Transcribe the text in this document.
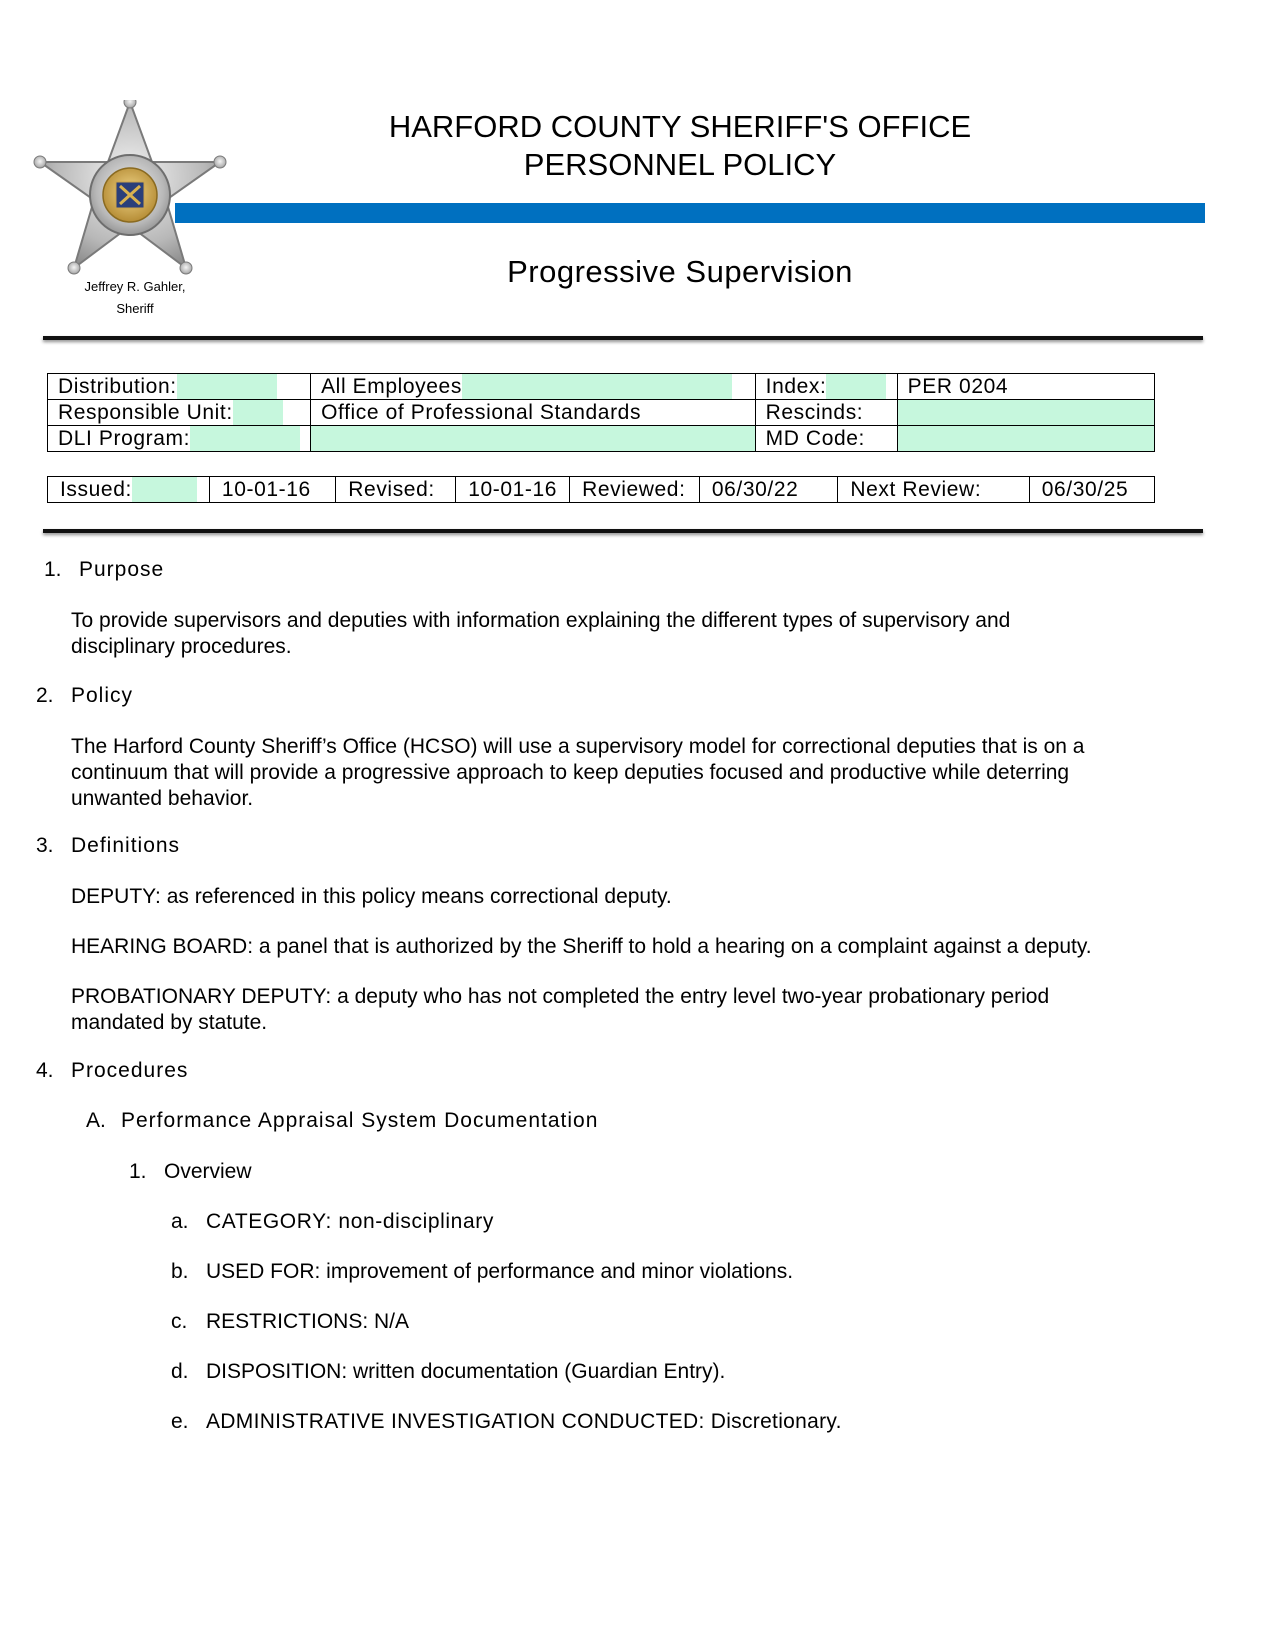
Jeffrey R. Gahler,
Sheriff
HARFORD COUNTY SHERIFF'S OFFICE
PERSONNEL POLICY
Progressive Supervision
Distribution:	All Employees	Index:	PER 0204
Responsible Unit:	Office of Professional Standards	Rescinds:	
DLI Program:		MD Code:	
Issued:	10-01-16	Revised:	10-01-16	Reviewed:	06/30/22	Next Review:	06/30/25
1. Purpose
To provide supervisors and deputies with information explaining the different types of supervisory and disciplinary procedures.
2. Policy
The Harford County Sheriff’s Office (HCSO) will use a supervisory model for correctional deputies that is on a continuum that will provide a progressive approach to keep deputies focused and productive while deterring unwanted behavior.
3. Definitions
DEPUTY: as referenced in this policy means correctional deputy.
HEARING BOARD: a panel that is authorized by the Sheriff to hold a hearing on a complaint against a deputy.
PROBATIONARY DEPUTY: a deputy who has not completed the entry level two-year probationary period mandated by statute.
4. Procedures
A. Performance Appraisal System Documentation
1. Overview
a. CATEGORY: non-disciplinary
b. USED FOR: improvement of performance and minor violations.
c. RESTRICTIONS: N/A
d. DISPOSITION: written documentation (Guardian Entry).
e. ADMINISTRATIVE INVESTIGATION CONDUCTED: Discretionary.
